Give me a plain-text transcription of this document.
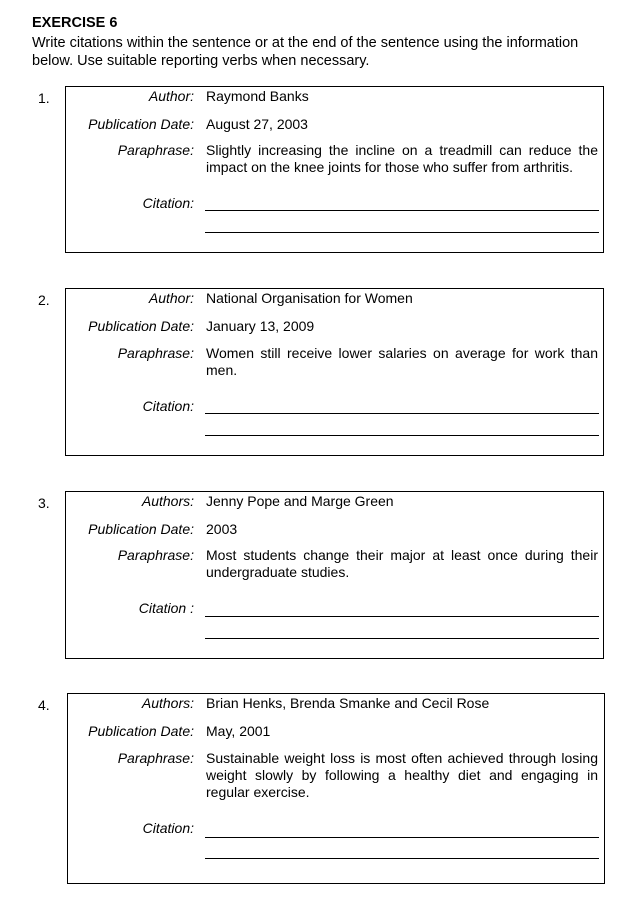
EXERCISE 6
Write citations within the sentence or at the end of the sentence using the information below. Use suitable reporting verbs when necessary.
1.	Author: Raymond Banks
Publication Date: August 27, 2003
Paraphrase: Slightly increasing the incline on a treadmill can reduce the impact on the knee joints for those who suffer from arthritis.
Citation:
2.	Author: National Organisation for Women
Publication Date: January 13, 2009
Paraphrase: Women still receive lower salaries on average for work than men.
Citation:
3.	Authors: Jenny Pope and Marge Green
Publication Date: 2003
Paraphrase: Most students change their major at least once during their undergraduate studies.
Citation :
4.	Authors: Brian Henks, Brenda Smanke and Cecil Rose
Publication Date: May, 2001
Paraphrase: Sustainable weight loss is most often achieved through losing weight slowly by following a healthy diet and engaging in regular exercise.
Citation:
